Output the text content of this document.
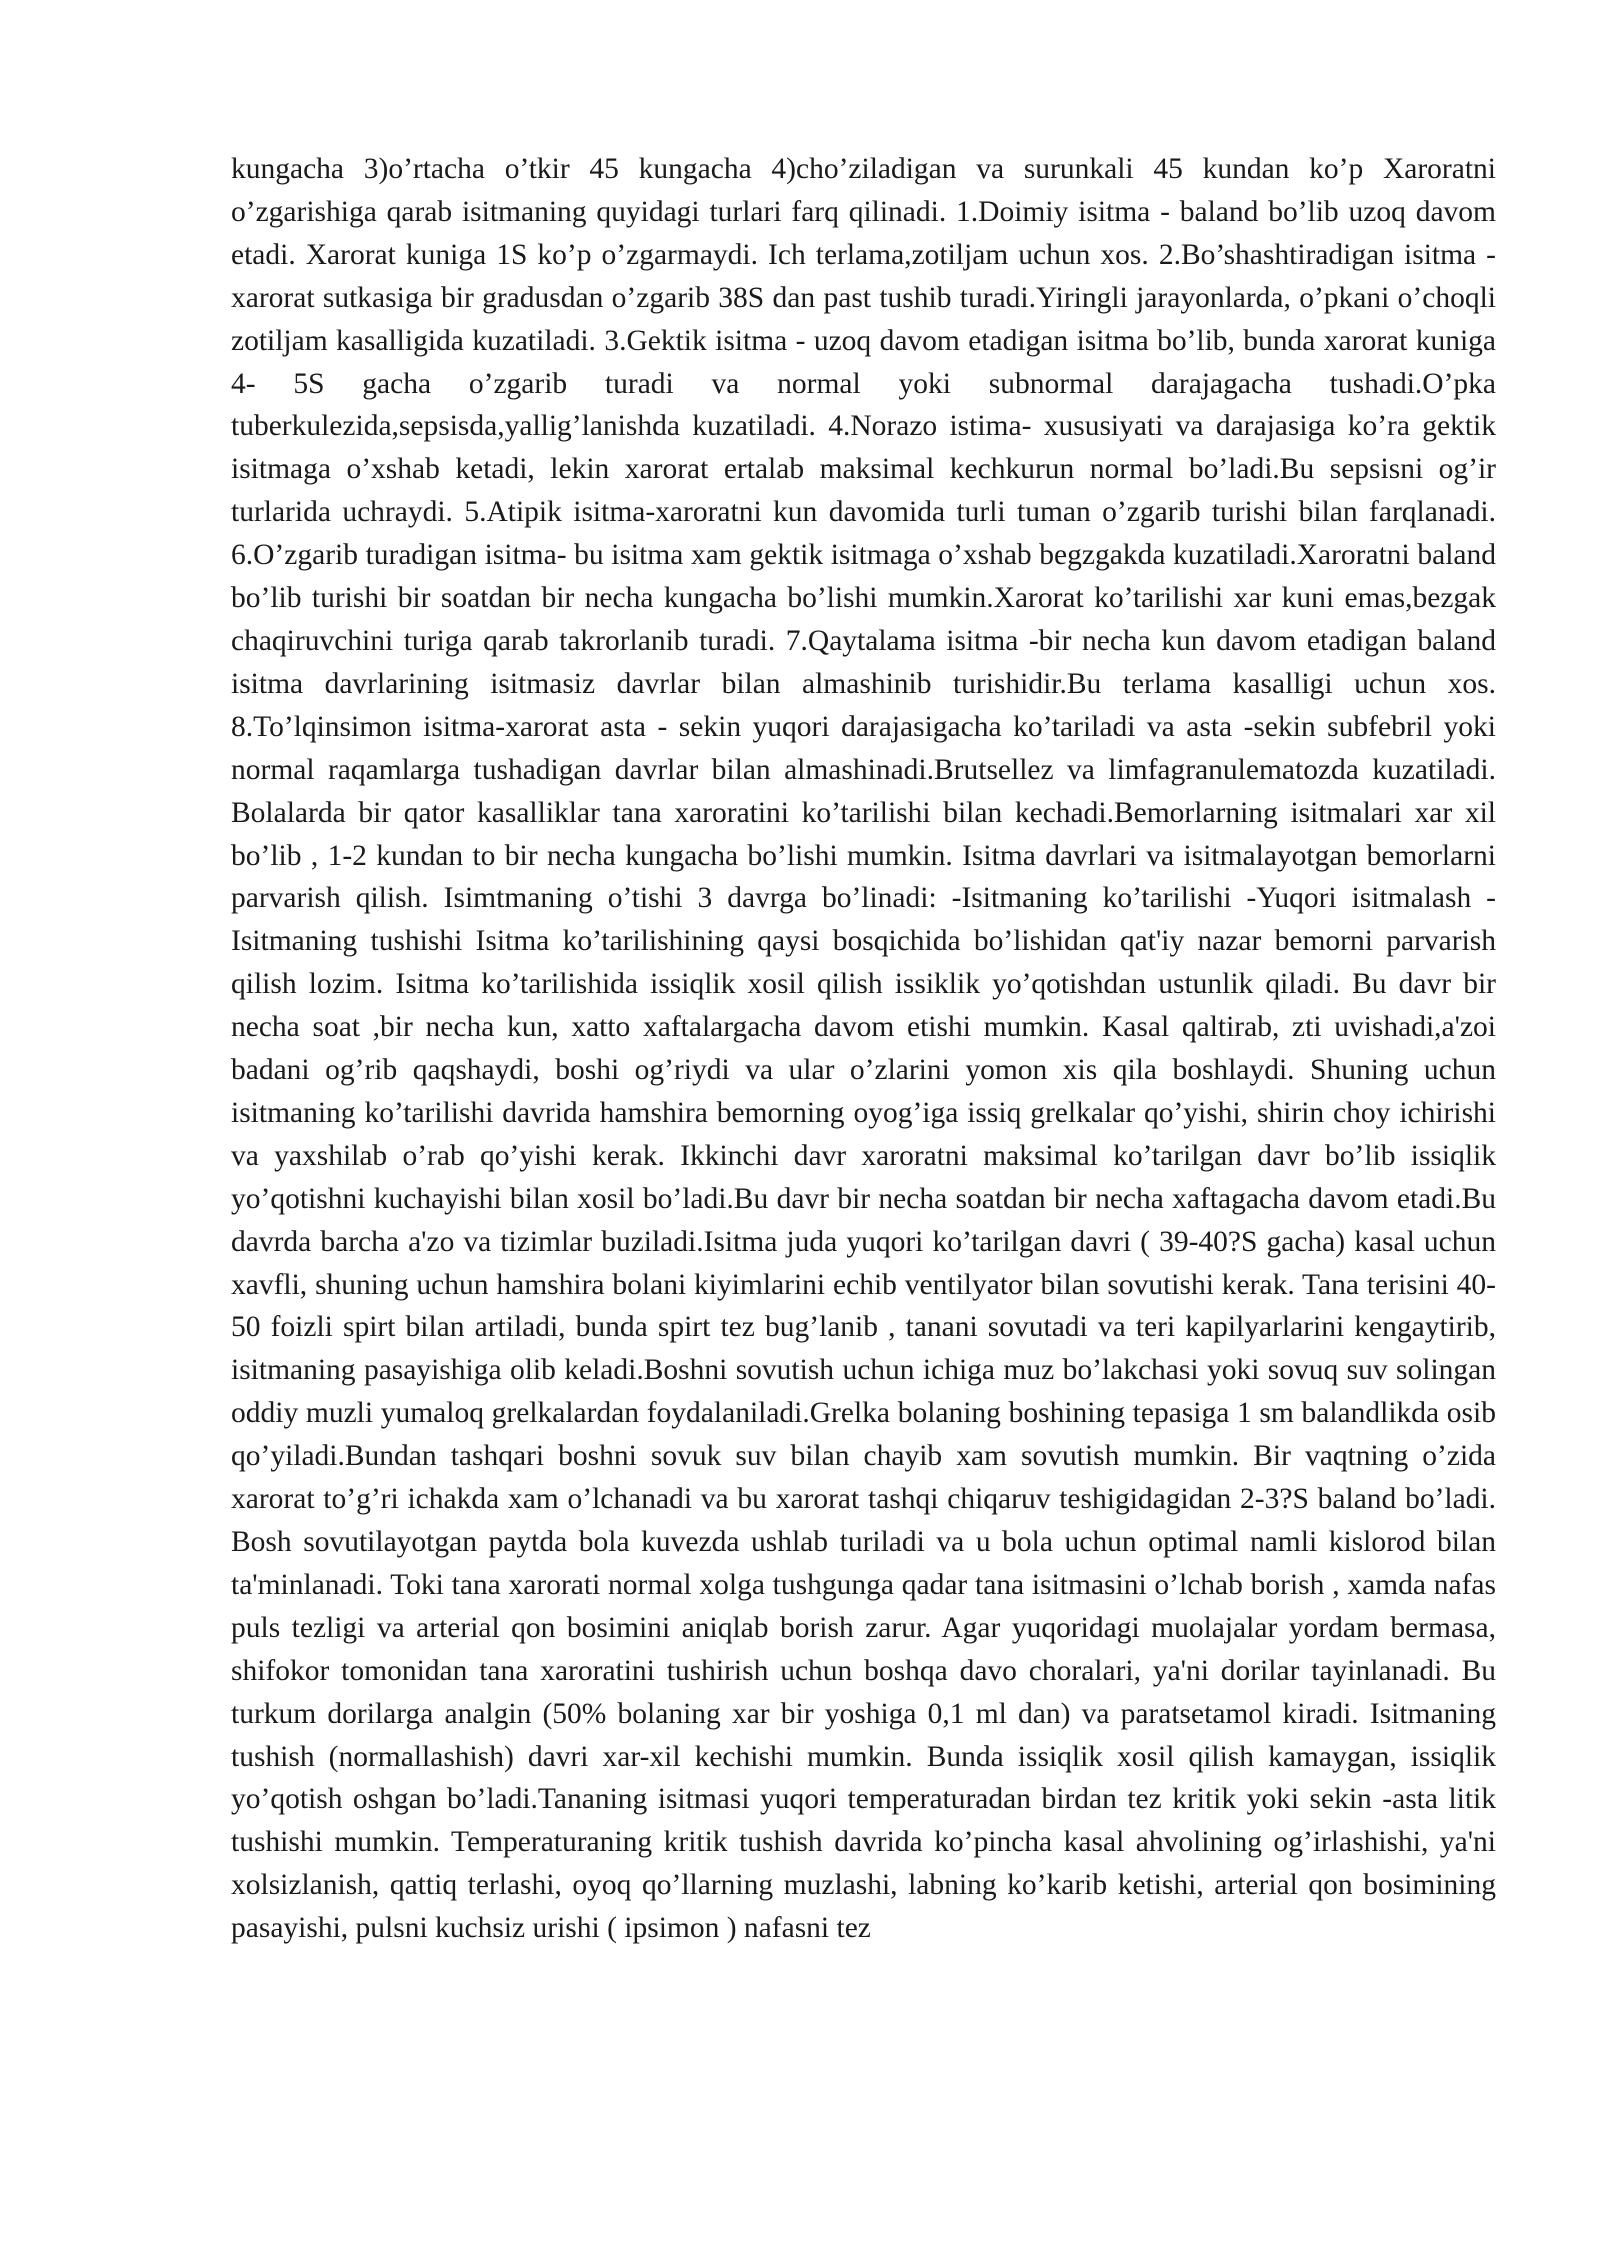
kungacha 3)o’rtacha o’tkir 45 kungacha 4)cho’ziladigan va surunkali 45 kundan ko’p Xaroratni o’zgarishiga qarab isitmaning quyidagi turlari farq qilinadi. 1.Doimiy isitma - baland bo’lib uzoq davom etadi. Xarorat kuniga 1S ko’p o’zgarmaydi. Ich terlama,zotiljam uchun xos. 2.Bo’shashtiradigan isitma - xarorat sutkasiga bir gradusdan o’zgarib 38S dan past tushib turadi.Yiringli jarayonlarda, o’pkani o’choqli zotiljam kasalligida kuzatiladi. 3.Gektik isitma - uzoq davom etadigan isitma bo’lib, bunda xarorat kuniga 4- 5S gacha o’zgarib turadi va normal yoki subnormal darajagacha tushadi.O’pka tuberkulezida,sepsisda,yallig’lanishda kuzatiladi. 4.Norazo istima- xususiyati va darajasiga ko’ra gektik isitmaga o’xshab ketadi, lekin xarorat ertalab maksimal kechkurun normal bo’ladi.Bu sepsisni og’ir turlarida uchraydi. 5.Atipik isitma-xaroratni kun davomida turli tuman o’zgarib turishi bilan farqlanadi. 6.O’zgarib turadigan isitma- bu isitma xam gektik isitmaga o’xshab begzgakda kuzatiladi.Xaroratni baland bo’lib turishi bir soatdan bir necha kungacha bo’lishi mumkin.Xarorat ko’tarilishi xar kuni emas,bezgak chaqiruvchini turiga qarab takrorlanib turadi. 7.Qaytalama isitma -bir necha kun davom etadigan baland isitma davrlarining isitmasiz davrlar bilan almashinib turishidir.Bu terlama kasalligi uchun xos. 8.To’lqinsimon isitma-xarorat asta - sekin yuqori darajasigacha ko’tariladi va asta -sekin subfebril yoki normal raqamlarga tushadigan davrlar bilan almashinadi.Brutsellez va limfagranulematozda kuzatiladi. Bolalarda bir qator kasalliklar tana xaroratini ko’tarilishi bilan kechadi.Bemorlarning isitmalari xar xil bo’lib , 1-2 kundan to bir necha kungacha bo’lishi mumkin. Isitma davrlari va isitmalayotgan bemorlarni parvarish qilish. Isimtmaning o’tishi 3 davrga bo’linadi: -Isitmaning ko’tarilishi -Yuqori isitmalash -Isitmaning tushishi Isitma ko’tarilishining qaysi bosqichida bo’lishidan qat'iy nazar bemorni parvarish qilish lozim. Isitma ko’tarilishida issiqlik xosil qilish issiklik yo’qotishdan ustunlik qiladi. Bu davr bir necha soat ,bir necha kun, xatto xaftalargacha davom etishi mumkin. Kasal qaltirab, zti uvishadi,a'zoi badani og’rib qaqshaydi, boshi og’riydi va ular o’zlarini yomon xis qila boshlaydi. Shuning uchun isitmaning ko’tarilishi davrida hamshira bemorning oyog’iga issiq grelkalar qo’yishi, shirin choy ichirishi va yaxshilab o’rab qo’yishi kerak. Ikkinchi davr xaroratni maksimal ko’tarilgan davr bo’lib issiqlik yo’qotishni kuchayishi bilan xosil bo’ladi.Bu davr bir necha soatdan bir necha xaftagacha davom etadi.Bu davrda barcha a'zo va tizimlar buziladi.Isitma juda yuqori ko’tarilgan davri ( 39-40?S gacha) kasal uchun xavfli, shuning uchun hamshira bolani kiyimlarini echib ventilyator bilan sovutishi kerak. Tana terisini 40-50 foizli spirt bilan artiladi, bunda spirt tez bug’lanib , tanani sovutadi va teri kapilyarlarini kengaytirib, isitmaning pasayishiga olib keladi.Boshni sovutish uchun ichiga muz bo’lakchasi yoki sovuq suv solingan oddiy muzli yumaloq grelkalardan foydalaniladi.Grelka bolaning boshining tepasiga 1 sm balandlikda osib qo’yiladi.Bundan tashqari boshni sovuk suv bilan chayib xam sovutish mumkin. Bir vaqtning o’zida xarorat to’g’ri ichakda xam o’lchanadi va bu xarorat tashqi chiqaruv teshigidagidan 2-3?S baland bo’ladi. Bosh sovutilayotgan paytda bola kuvezda ushlab turiladi va u bola uchun optimal namli kislorod bilan ta'minlanadi. Toki tana xarorati normal xolga tushgunga qadar tana isitmasini o’lchab borish , xamda nafas puls tezligi va arterial qon bosimini aniqlab borish zarur. Agar yuqoridagi muolajalar yordam bermasa, shifokor tomonidan tana xaroratini tushirish uchun boshqa davo choralari, ya'ni dorilar tayinlanadi. Bu turkum dorilarga analgin (50% bolaning xar bir yoshiga 0,1 ml dan) va paratsetamol kiradi. Isitmaning tushish (normallashish) davri xar-xil kechishi mumkin. Bunda issiqlik xosil qilish kamaygan, issiqlik yo’qotish oshgan bo’ladi.Tananing isitmasi yuqori temperaturadan birdan tez kritik yoki sekin -asta litik tushishi mumkin. Temperaturaning kritik tushish davrida ko’pincha kasal ahvolining og’irlashishi, ya'ni xolsizlanish, qattiq terlashi, oyoq qo’llarning muzlashi, labning ko’karib ketishi, arterial qon bosimining pasayishi, pulsni kuchsiz urishi ( ipsimon ) nafasni tez
